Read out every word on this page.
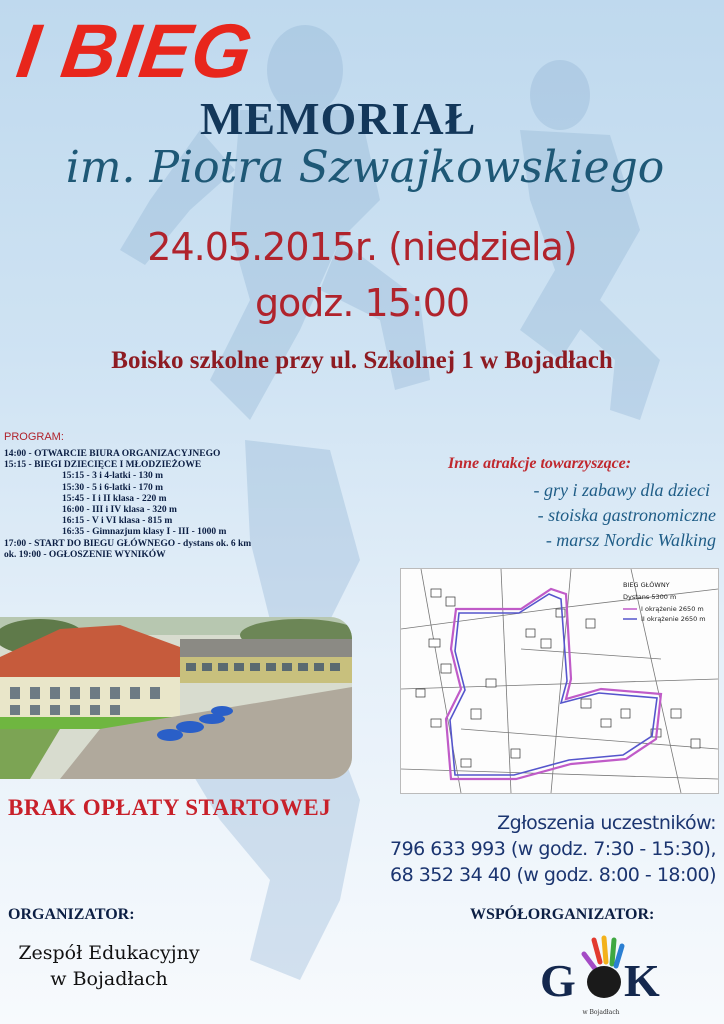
I BIEG
MEMORIAŁ
im. Piotra Szwajkowskiego
24.05.2015r. (niedziela)
godz. 15:00
Boisko szkolne przy ul. Szkolnej 1 w Bojadłach
PROGRAM:
14:00 - OTWARCIE BIURA ORGANIZACYJNEGO
15:15 - BIEGI DZIECIĘCE I MŁODZIEŻOWE
15:15 - 3 i 4-latki - 130 m
15:30 - 5 i 6-latki - 170 m
15:45 - I i II klasa - 220 m
16:00 - III i IV klasa - 320 m
16:15 - V i VI klasa - 815 m
16:35 - Gimnazjum klasy I - III - 1000 m
17:00 - START DO BIEGU GŁÓWNEGO - dystans ok. 6 km
ok. 19:00 - OGŁOSZENIE WYNIKÓW
Inne atrakcje towarzyszące:
- gry i zabawy dla dzieci
- stoiska gastronomiczne
- marsz Nordic Walking
BIEG GŁÓWNY
Dystans 5300 m
I okrążenie 2650 m
II okrążenie 2650 m
BRAK OPŁATY STARTOWEJ
Zgłoszenia uczestników:
796 633 993 (w godz. 7:30 - 15:30),
68 352 34 40 (w godz. 8:00 - 18:00)
ORGANIZATOR:	WSPÓŁORGANIZATOR:
Zespół Edukacyjny
w Bojadłach	G K
w Bojadłach
